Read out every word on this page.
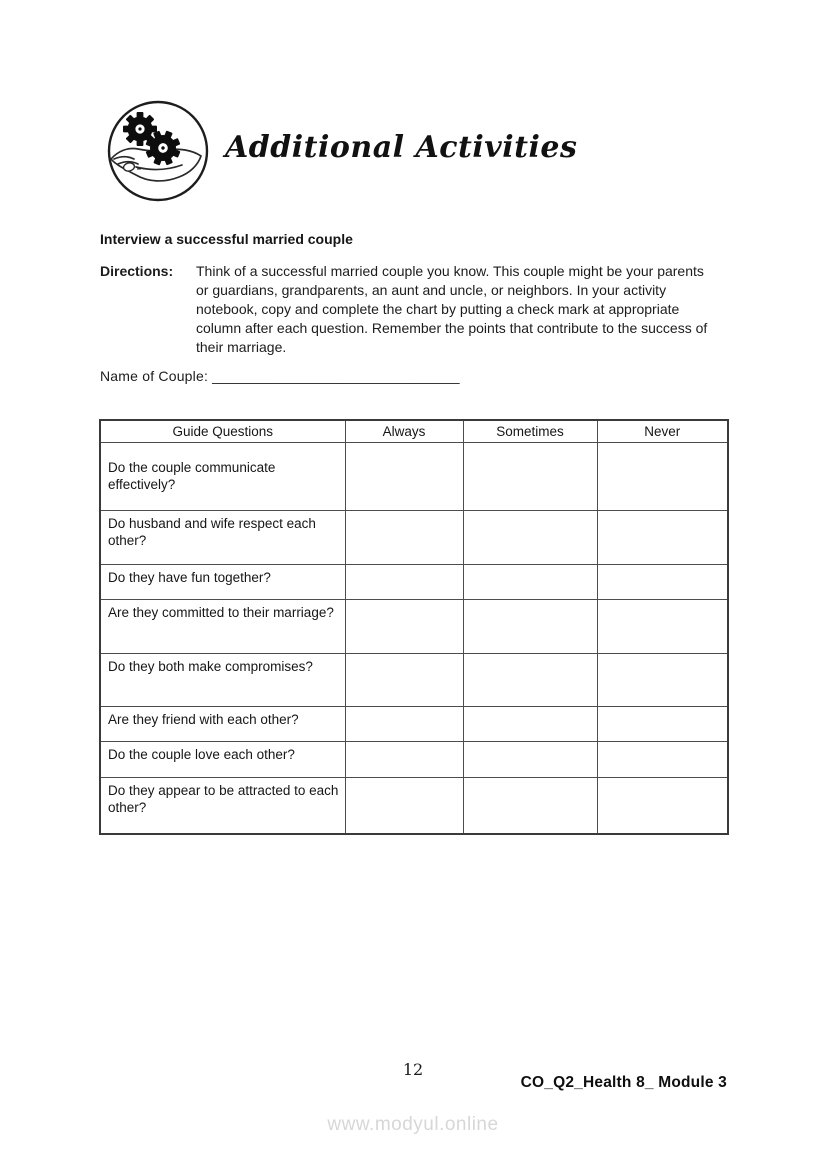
Additional Activities
Interview a successful married couple
Directions: Think of a successful married couple you know. This couple might be your parents or guardians, grandparents, an aunt and uncle, or neighbors. In your activity notebook, copy and complete the chart by putting a check mark at appropriate column after each question. Remember the points that contribute to the success of their marriage.
Name of Couple: _______________________________
Guide Questions	Always	Sometimes	Never
Do the couple communicate effectively?			
Do husband and wife respect each other?			
Do they have fun together?			
Are they committed to their marriage?			
Do they both make compromises?			
Are they friend with each other?			
Do the couple love each other?			
Do they appear to be attracted to each other?			
12
CO_Q2_Health 8_ Module 3
www.modyul.online
